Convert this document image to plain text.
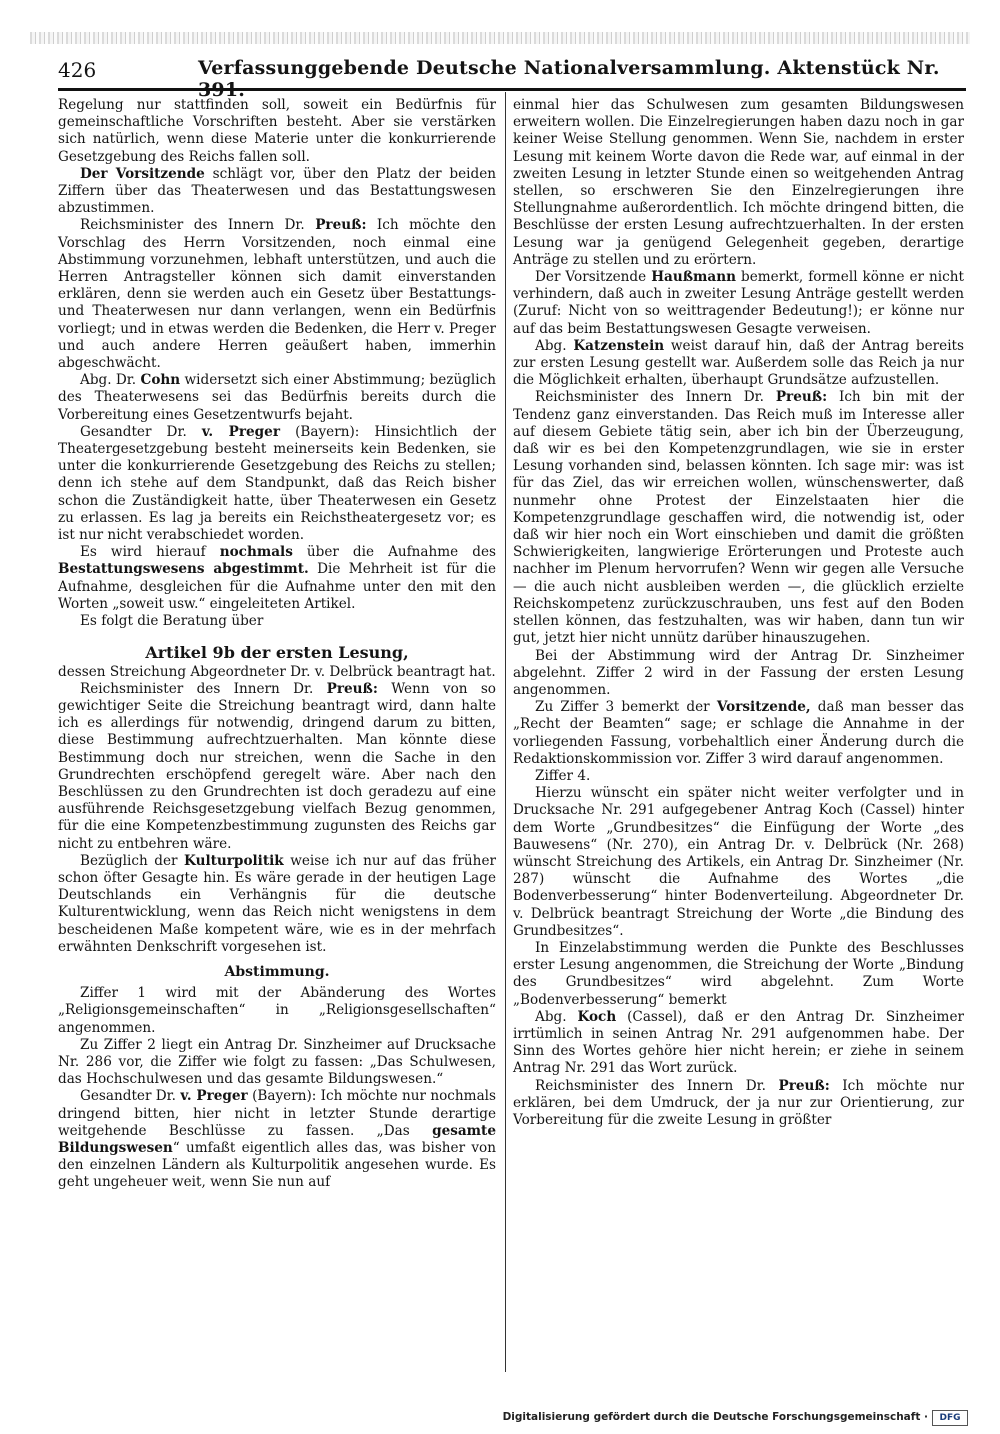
426	Verfassunggebende Deutsche Nationalversammlung. Aktenstück Nr. 391.

Regelung nur stattfinden soll, soweit ein Bedürfnis für gemeinschaftliche Vorschriften besteht. Aber sie verstärken sich natürlich, wenn diese Materie unter die konkurrierende Gesetzgebung des Reichs fallen soll.

Der Vorsitzende schlägt vor, über den Platz der beiden Ziffern über das Theaterwesen und das Bestattungswesen abzustimmen.

Reichsminister des Innern Dr. Preuß: Ich möchte den Vorschlag des Herrn Vorsitzenden, noch einmal eine Abstimmung vorzunehmen, lebhaft unterstützen, und auch die Herren Antragsteller können sich damit einverstanden erklären, denn sie werden auch ein Gesetz über Bestattungs- und Theaterwesen nur dann verlangen, wenn ein Bedürfnis vorliegt; und in etwas werden die Bedenken, die Herr v. Preger und auch andere Herren geäußert haben, immerhin abgeschwächt.

Abg. Dr. Cohn widersetzt sich einer Abstimmung; bezüglich des Theaterwesens sei das Bedürfnis bereits durch die Vorbereitung eines Gesetzentwurfs bejaht.

Gesandter Dr. v. Preger (Bayern): Hinsichtlich der Theatergesetzgebung besteht meinerseits kein Bedenken, sie unter die konkurrierende Gesetzgebung des Reichs zu stellen; denn ich stehe auf dem Standpunkt, daß das Reich bisher schon die Zuständigkeit hatte, über Theaterwesen ein Gesetz zu erlassen. Es lag ja bereits ein Reichstheatergesetz vor; es ist nur nicht verabschiedet worden.

Es wird hierauf nochmals über die Aufnahme des Bestattungswesens abgestimmt. Die Mehrheit ist für die Aufnahme, desgleichen für die Aufnahme unter den mit den Worten „soweit usw.“ eingeleiteten Artikel.

Es folgt die Beratung über

Artikel 9b der ersten Lesung,

dessen Streichung Abgeordneter Dr. v. Delbrück beantragt hat.

Reichsminister des Innern Dr. Preuß: Wenn von so gewichtiger Seite die Streichung beantragt wird, dann halte ich es allerdings für notwendig, dringend darum zu bitten, diese Bestimmung aufrechtzuerhalten. Man könnte diese Bestimmung doch nur streichen, wenn die Sache in den Grundrechten erschöpfend geregelt wäre. Aber nach den Beschlüssen zu den Grundrechten ist doch geradezu auf eine ausführende Reichsgesetzgebung vielfach Bezug genommen, für die eine Kompetenzbestimmung zugunsten des Reichs gar nicht zu entbehren wäre.

Bezüglich der Kulturpolitik weise ich nur auf das früher schon öfter Gesagte hin. Es wäre gerade in der heutigen Lage Deutschlands ein Verhängnis für die deutsche Kulturentwicklung, wenn das Reich nicht wenigstens in dem bescheidenen Maße kompetent wäre, wie es in der mehrfach erwähnten Denkschrift vorgesehen ist.

Abstimmung.

Ziffer 1 wird mit der Abänderung des Wortes „Religionsgemeinschaften“ in „Religionsgesellschaften“ angenommen.

Zu Ziffer 2 liegt ein Antrag Dr. Sinzheimer auf Drucksache Nr. 286 vor, die Ziffer wie folgt zu fassen: „Das Schulwesen, das Hochschulwesen und das gesamte Bildungswesen.“

Gesandter Dr. v. Preger (Bayern): Ich möchte nur nochmals dringend bitten, hier nicht in letzter Stunde derartige weitgehende Beschlüsse zu fassen. „Das gesamte Bildungswesen“ umfaßt eigentlich alles das, was bisher von den einzelnen Ländern als Kulturpolitik angesehen wurde. Es geht ungeheuer weit, wenn Sie nun auf

einmal hier das Schulwesen zum gesamten Bildungswesen erweitern wollen. Die Einzelregierungen haben dazu noch in gar keiner Weise Stellung genommen. Wenn Sie, nachdem in erster Lesung mit keinem Worte davon die Rede war, auf einmal in der zweiten Lesung in letzter Stunde einen so weitgehenden Antrag stellen, so erschweren Sie den Einzelregierungen ihre Stellungnahme außerordentlich. Ich möchte dringend bitten, die Beschlüsse der ersten Lesung aufrechtzuerhalten. In der ersten Lesung war ja genügend Gelegenheit gegeben, derartige Anträge zu stellen und zu erörtern.

Der Vorsitzende Haußmann bemerkt, formell könne er nicht verhindern, daß auch in zweiter Lesung Anträge gestellt werden (Zuruf: Nicht von so weittragender Bedeutung!); er könne nur auf das beim Bestattungswesen Gesagte verweisen.

Abg. Katzenstein weist darauf hin, daß der Antrag bereits zur ersten Lesung gestellt war. Außerdem solle das Reich ja nur die Möglichkeit erhalten, überhaupt Grundsätze aufzustellen.

Reichsminister des Innern Dr. Preuß: Ich bin mit der Tendenz ganz einverstanden. Das Reich muß im Interesse aller auf diesem Gebiete tätig sein, aber ich bin der Überzeugung, daß wir es bei den Kompetenzgrundlagen, wie sie in erster Lesung vorhanden sind, belassen könnten. Ich sage mir: was ist für das Ziel, das wir erreichen wollen, wünschenswerter, daß nunmehr ohne Protest der Einzelstaaten hier die Kompetenzgrundlage geschaffen wird, die notwendig ist, oder daß wir hier noch ein Wort einschieben und damit die größten Schwierigkeiten, langwierige Erörterungen und Proteste auch nachher im Plenum hervorrufen? Wenn wir gegen alle Versuche — die auch nicht ausbleiben werden —, die glücklich erzielte Reichskompetenz zurückzuschrauben, uns fest auf den Boden stellen können, das festzuhalten, was wir haben, dann tun wir gut, jetzt hier nicht unnütz darüber hinauszugehen.

Bei der Abstimmung wird der Antrag Dr. Sinzheimer abgelehnt. Ziffer 2 wird in der Fassung der ersten Lesung angenommen.

Zu Ziffer 3 bemerkt der Vorsitzende, daß man besser das „Recht der Beamten“ sage; er schlage die Annahme in der vorliegenden Fassung, vorbehaltlich einer Änderung durch die Redaktionskommission vor. Ziffer 3 wird darauf angenommen.

Ziffer 4.

Hierzu wünscht ein später nicht weiter verfolgter und in Drucksache Nr. 291 aufgegebener Antrag Koch (Cassel) hinter dem Worte „Grundbesitzes“ die Einfügung der Worte „des Bauwesens“ (Nr. 270), ein Antrag Dr. v. Delbrück (Nr. 268) wünscht Streichung des Artikels, ein Antrag Dr. Sinzheimer (Nr. 287) wünscht die Aufnahme des Wortes „die Bodenverbesserung“ hinter Bodenverteilung. Abgeordneter Dr. v. Delbrück beantragt Streichung der Worte „die Bindung des Grundbesitzes“.

In Einzelabstimmung werden die Punkte des Beschlusses erster Lesung angenommen, die Streichung der Worte „Bindung des Grundbesitzes“ wird abgelehnt. Zum Worte „Bodenverbesserung“ bemerkt

Abg. Koch (Cassel), daß er den Antrag Dr. Sinzheimer irrtümlich in seinen Antrag Nr. 291 aufgenommen habe. Der Sinn des Wortes gehöre hier nicht herein; er ziehe in seinem Antrag Nr. 291 das Wort zurück.

Reichsminister des Innern Dr. Preuß: Ich möchte nur erklären, bei dem Umdruck, der ja nur zur Orientierung, zur Vorbereitung für die zweite Lesung in größter

Digitalisierung gefördert durch die Deutsche Forschungsgemeinschaft ·	DFG
